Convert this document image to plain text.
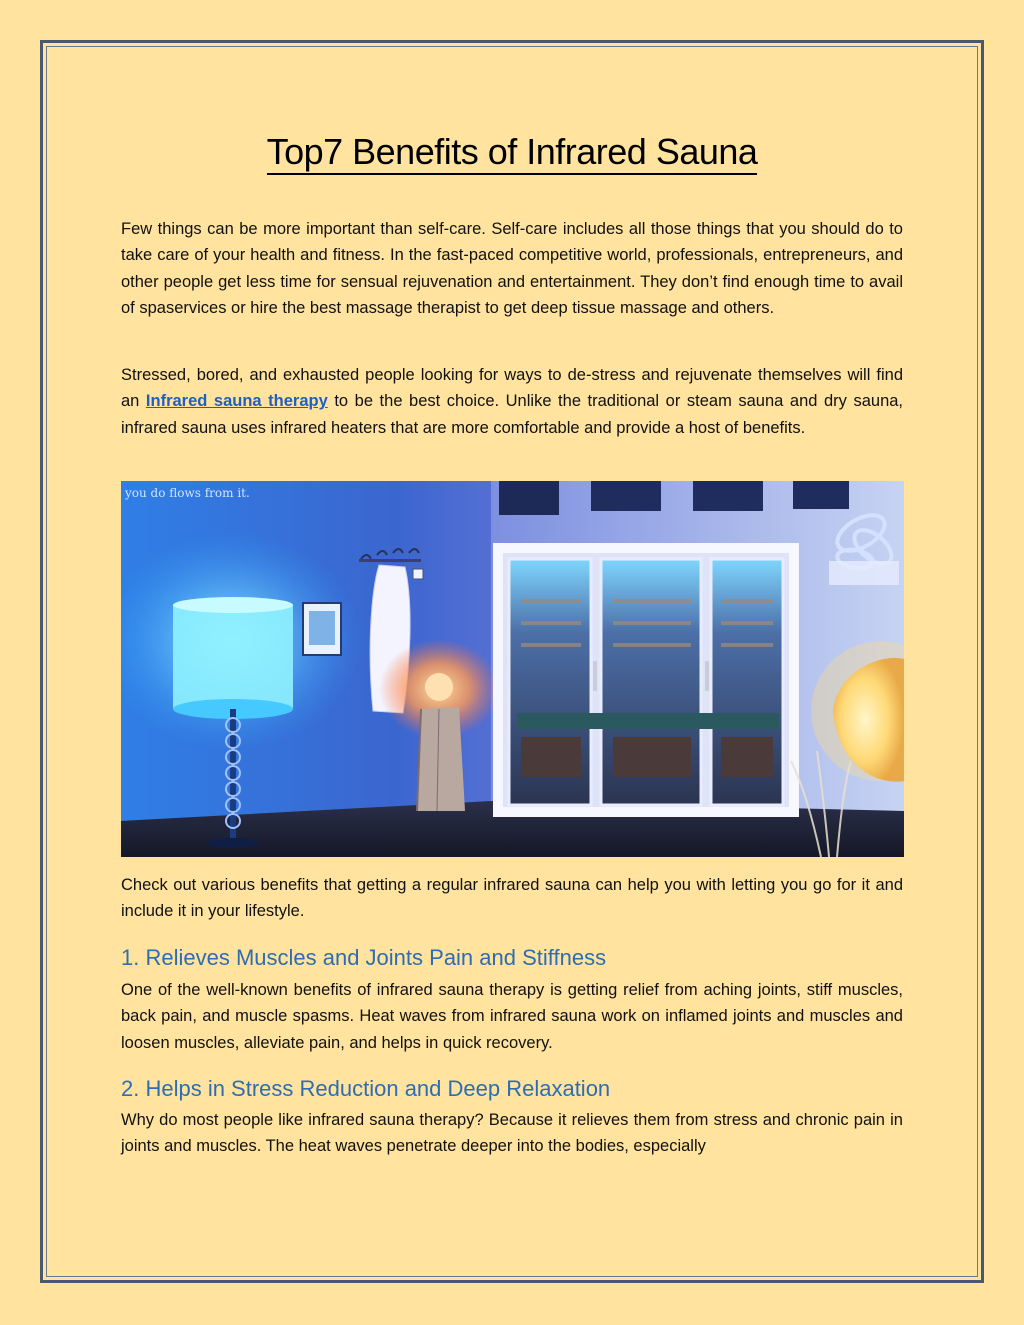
Top7 Benefits of Infrared Sauna

Few things can be more important than self-care. Self-care includes all those things that you should do to take care of your health and fitness. In the fast-paced competitive world, professionals, entrepreneurs, and other people get less time for sensual rejuvenation and entertainment. They don’t find enough time to avail of spaservices or hire the best massage therapist to get deep tissue massage and others.

Stressed, bored, and exhausted people looking for ways to de-stress and rejuvenate themselves will find an Infrared sauna therapy to be the best choice. Unlike the traditional or steam sauna and dry sauna, infrared sauna uses infrared heaters that are more comfortable and provide a host of benefits.

you do flows from it.

Check out various benefits that getting a regular infrared sauna can help you with letting you go for it and include it in your lifestyle.

1. Relieves Muscles and Joints Pain and Stiffness

One of the well-known benefits of infrared sauna therapy is getting relief from aching joints, stiff muscles, back pain, and muscle spasms. Heat waves from infrared sauna work on inflamed joints and muscles and loosen muscles, alleviate pain, and helps in quick recovery.

2. Helps in Stress Reduction and Deep Relaxation

Why do most people like infrared sauna therapy? Because it relieves them from stress and chronic pain in joints and muscles. The heat waves penetrate deeper into the bodies, especially
